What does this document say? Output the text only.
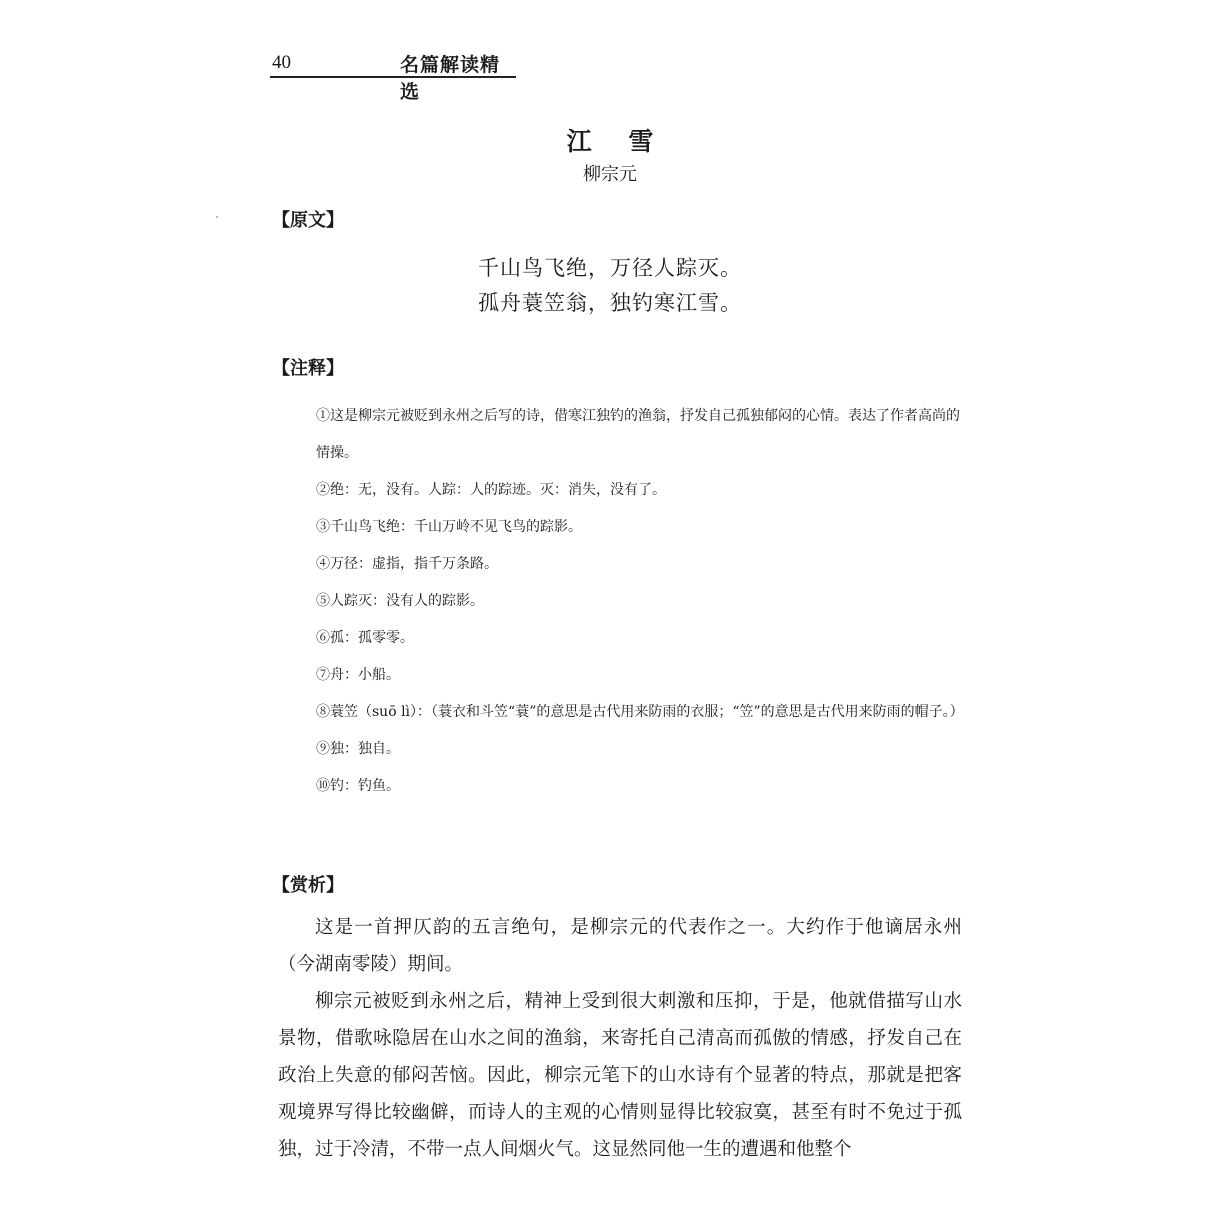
40	名篇解读精选
江 雪
柳宗元
【原文】
千山鸟飞绝，万径人踪灭。
孤舟蓑笠翁，独钓寒江雪。
【注释】
①这是柳宗元被贬到永州之后写的诗，借寒江独钓的渔翁，抒发自己孤独郁闷的心情。表达了作者高尚的情操。
②绝：无，没有。人踪：人的踪迹。灭：消失，没有了。
③千山鸟飞绝：千山万岭不见飞鸟的踪影。
④万径：虚指，指千万条路。
⑤人踪灭：没有人的踪影。
⑥孤：孤零零。
⑦舟：小船。
⑧蓑笠（suō lì）：（蓑衣和斗笠“蓑”的意思是古代用来防雨的衣服；“笠”的意思是古代用来防雨的帽子。）
⑨独：独自。
⑩钓：钓鱼。
【赏析】

这是一首押仄韵的五言绝句，是柳宗元的代表作之一。大约作于他谪居永州（今湖南零陵）期间。

柳宗元被贬到永州之后，精神上受到很大刺激和压抑，于是，他就借描写山水景物，借歌咏隐居在山水之间的渔翁，来寄托自己清高而孤傲的情感，抒发自己在政治上失意的郁闷苦恼。因此，柳宗元笔下的山水诗有个显著的特点，那就是把客观境界写得比较幽僻，而诗人的主观的心情则显得比较寂寞，甚至有时不免过于孤独，过于冷清，不带一点人间烟火气。这显然同他一生的遭遇和他整个
